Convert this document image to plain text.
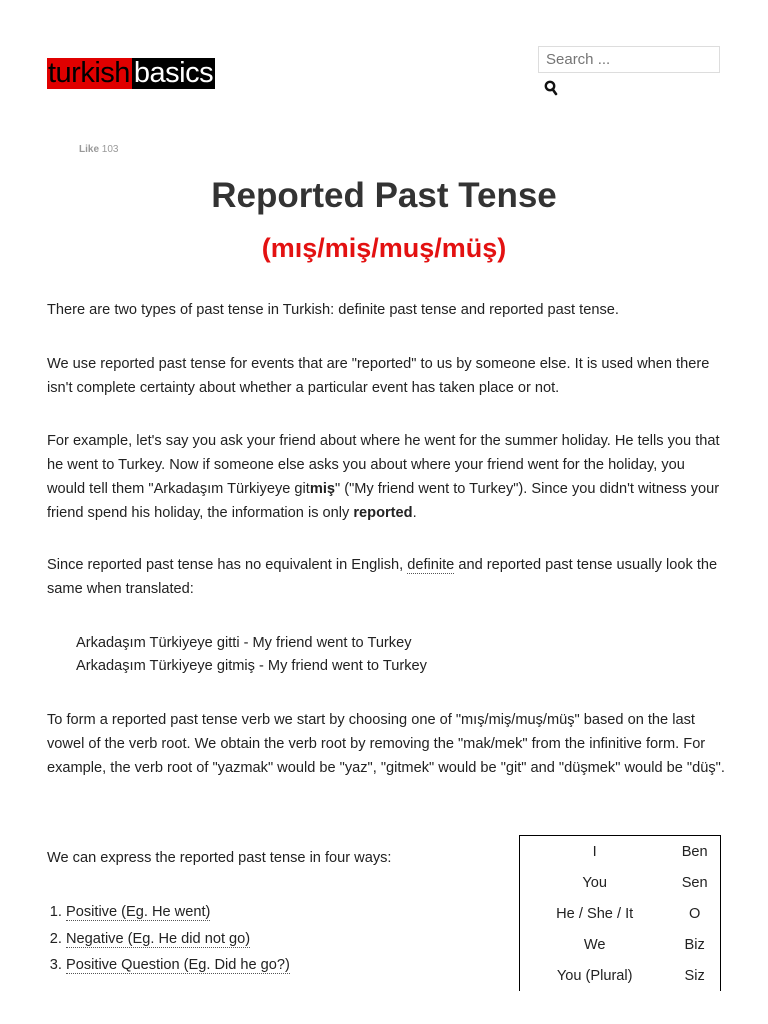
turkish basics
Search ...
Like 103
Reported Past Tense
(mış/miş/muş/müş)

There are two types of past tense in Turkish: definite past tense and reported past tense.

We use reported past tense for events that are "reported" to us by someone else. It is used when there isn't complete certainty about whether a particular event has taken place or not.

For example, let's say you ask your friend about where he went for the summer holiday. He tells you that he went to Turkey. Now if someone else asks you about where your friend went for the holiday, you would tell them "Arkadaşım Türkiyeye gitmiş" ("My friend went to Turkey"). Since you didn't witness your friend spend his holiday, the information is only reported.

Since reported past tense has no equivalent in English, definite and reported past tense usually look the same when translated:

Arkadaşım Türkiyeye gitti - My friend went to Turkey
Arkadaşım Türkiyeye gitmiş - My friend went to Turkey

To form a reported past tense verb we start by choosing one of "mış/miş/muş/müş" based on the last vowel of the verb root. We obtain the verb root by removing the "mak/mek" from the infinitive form. For example, the verb root of "yazmak" would be "yaz", "gitmek" would be "git" and "düşmek" would be "düş".

We can express the reported past tense in four ways:

1. Positive (Eg. He went)
2. Negative (Eg. He did not go)
3. Positive Question (Eg. Did he go?)
I	Ben
You	Sen
He / She / It	O
We	Biz
You (Plural)	Siz
